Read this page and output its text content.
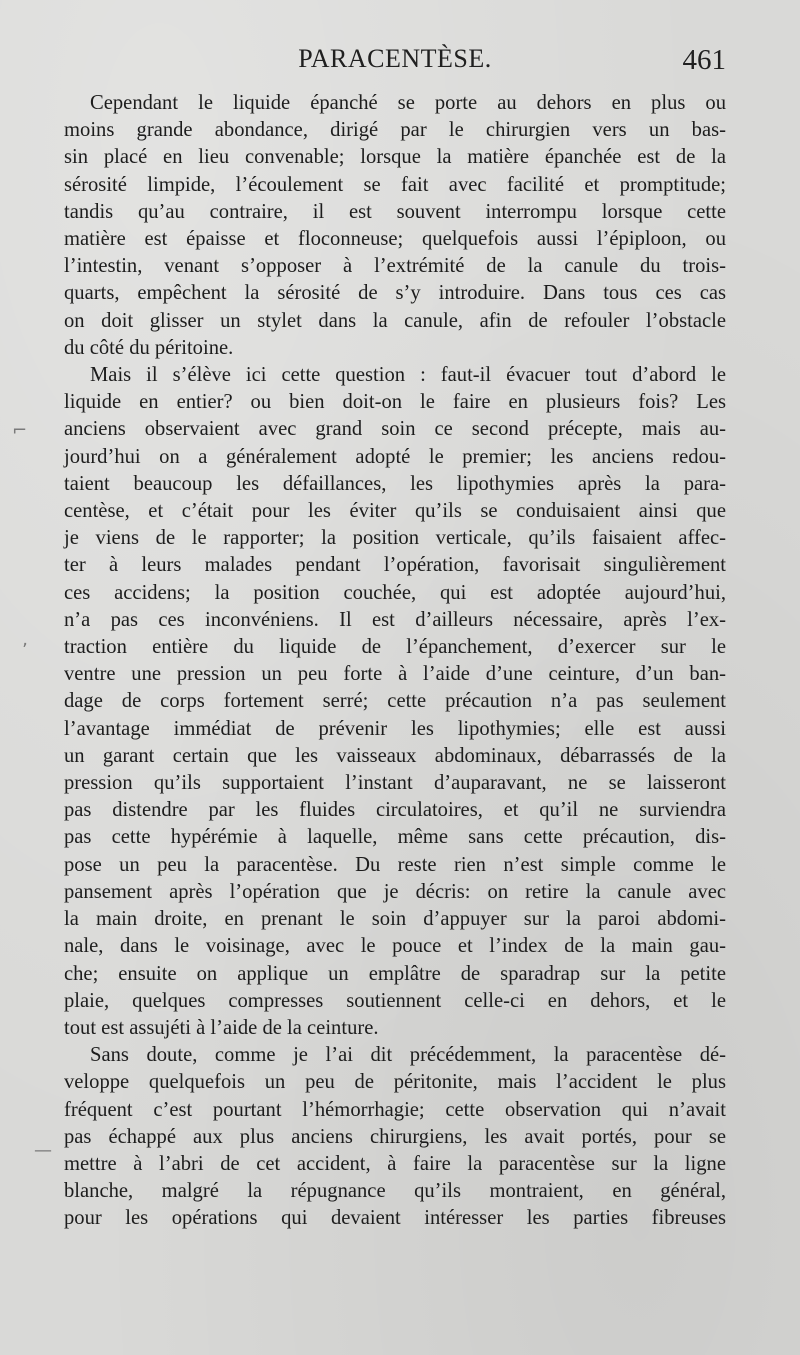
PARACENTÈSE.	461
⌐
ʼ
—
Cependant le liquide épanché se porte au dehors en plus ou
moins grande abondance, dirigé par le chirurgien vers un bas-
sin placé en lieu convenable; lorsque la matière épanchée est de la
sérosité limpide, l’écoulement se fait avec facilité et promptitude;
tandis qu’au contraire, il est souvent interrompu lorsque cette
matière est épaisse et floconneuse; quelquefois aussi l’épiploon, ou
l’intestin, venant s’opposer à l’extrémité de la canule du trois-
quarts, empêchent la sérosité de s’y introduire. Dans tous ces cas
on doit glisser un stylet dans la canule, afin de refouler l’obstacle
du côté du péritoine.
Mais il s’élève ici cette question : faut-il évacuer tout d’abord le
liquide en entier? ou bien doit-on le faire en plusieurs fois? Les
anciens observaient avec grand soin ce second précepte, mais au-
jourd’hui on a généralement adopté le premier; les anciens redou-
taient beaucoup les défaillances, les lipothymies après la para-
centèse, et c’était pour les éviter qu’ils se conduisaient ainsi que
je viens de le rapporter; la position verticale, qu’ils faisaient affec-
ter à leurs malades pendant l’opération, favorisait singulièrement
ces accidens; la position couchée, qui est adoptée aujourd’hui,
n’a pas ces inconvéniens. Il est d’ailleurs nécessaire, après l’ex-
traction entière du liquide de l’épanchement, d’exercer sur le
ventre une pression un peu forte à l’aide d’une ceinture, d’un ban-
dage de corps fortement serré; cette précaution n’a pas seulement
l’avantage immédiat de prévenir les lipothymies; elle est aussi
un garant certain que les vaisseaux abdominaux, débarrassés de la
pression qu’ils supportaient l’instant d’auparavant, ne se laisseront
pas distendre par les fluides circulatoires, et qu’il ne surviendra
pas cette hypérémie à laquelle, même sans cette précaution, dis-
pose un peu la paracentèse. Du reste rien n’est simple comme le
pansement après l’opération que je décris: on retire la canule avec
la main droite, en prenant le soin d’appuyer sur la paroi abdomi-
nale, dans le voisinage, avec le pouce et l’index de la main gau-
che; ensuite on applique un emplâtre de sparadrap sur la petite
plaie, quelques compresses soutiennent celle-ci en dehors, et le
tout est assujéti à l’aide de la ceinture.
Sans doute, comme je l’ai dit précédemment, la paracentèse dé-
veloppe quelquefois un peu de péritonite, mais l’accident le plus
fréquent c’est pourtant l’hémorrhagie; cette observation qui n’avait
pas échappé aux plus anciens chirurgiens, les avait portés, pour se
mettre à l’abri de cet accident, à faire la paracentèse sur la ligne
blanche, malgré la répugnance qu’ils montraient, en général,
pour les opérations qui devaient intéresser les parties fibreuses
